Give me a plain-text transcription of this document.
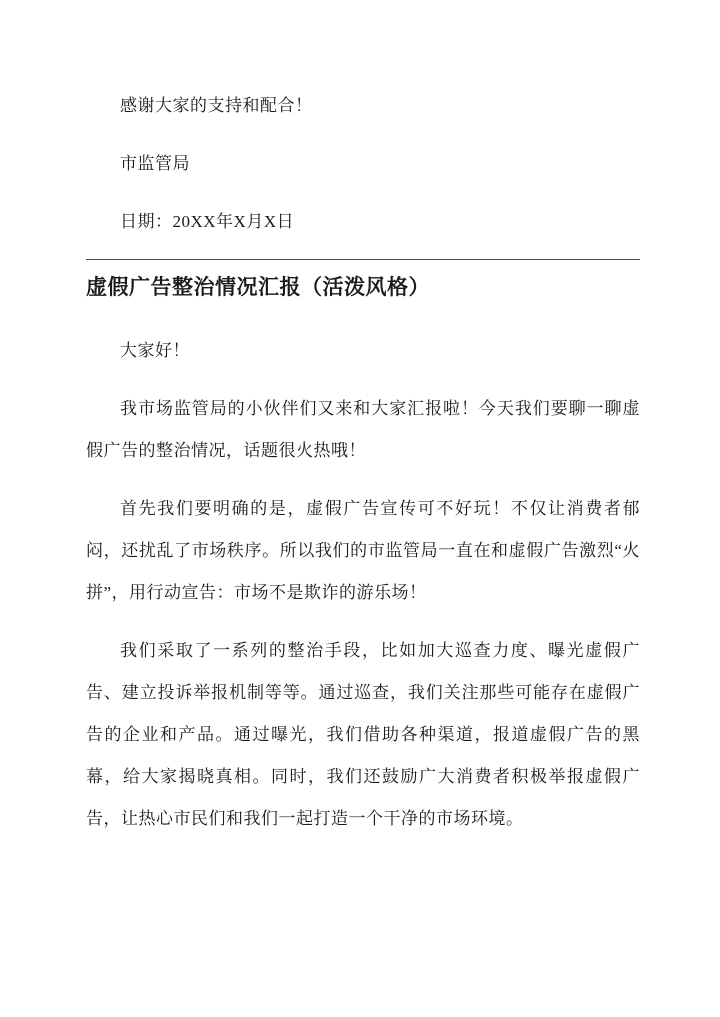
感谢大家的支持和配合！

市监管局

日期：20XX年X月X日

虚假广告整治情况汇报（活泼风格）

大家好！

我市场监管局的小伙伴们又来和大家汇报啦！今天我们要聊一聊虚假广告的整治情况，话题很火热哦！

首先我们要明确的是，虚假广告宣传可不好玩！不仅让消费者郁闷，还扰乱了市场秩序。所以我们的市监管局一直在和虚假广告激烈“火拼”，用行动宣告：市场不是欺诈的游乐场！

我们采取了一系列的整治手段，比如加大巡查力度、曝光虚假广告、建立投诉举报机制等等。通过巡查，我们关注那些可能存在虚假广告的企业和产品。通过曝光，我们借助各种渠道，报道虚假广告的黑幕，给大家揭晓真相。同时，我们还鼓励广大消费者积极举报虚假广告，让热心市民们和我们一起打造一个干净的市场环境。
